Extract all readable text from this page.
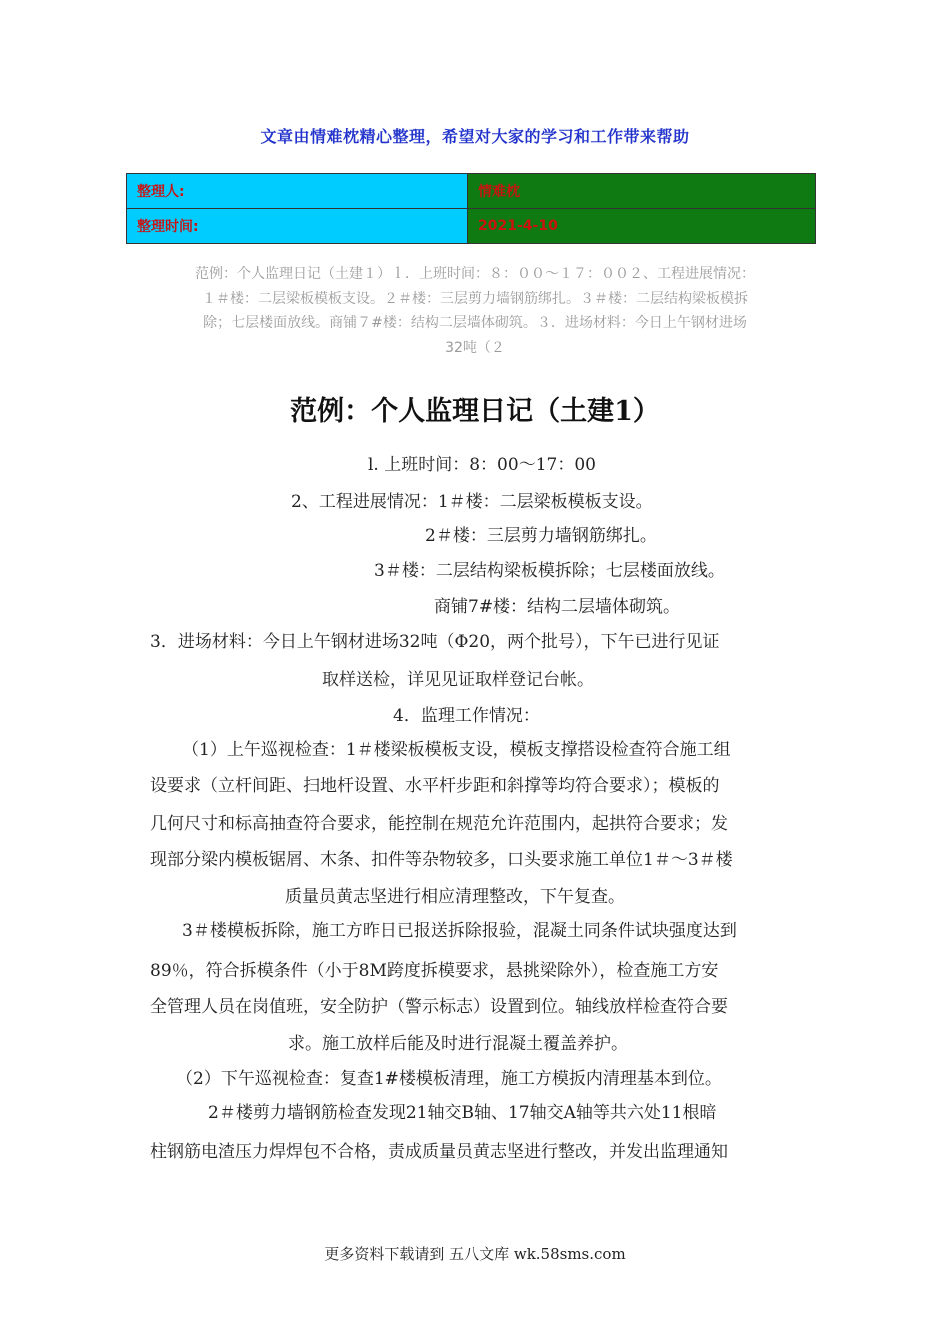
文章由情难枕精心整理，希望对大家的学习和工作带来帮助
整理人:	情难枕
整理时间:	2021-4-10
范例：个人监理日记（土建１）ｌ．上班时间：８：００～１７：００２、工程进展情况：
１＃楼：二层梁板模板支设。２＃楼：三层剪力墙钢筋绑扎。３＃楼：二层结构梁板模拆
除；七层楼面放线。商铺７#楼：结构二层墙体砌筑。３．进场材料：今日上午钢材进场
32吨（２
范例：个人监理日记（土建1）
l. 上班时间：8：00～17：00
2、工程进展情况：1＃楼：二层梁板模板支设。
2＃楼：三层剪力墙钢筋绑扎。
3＃楼：二层结构梁板模拆除；七层楼面放线。
商铺7#楼：结构二层墙体砌筑。
3．进场材料：今日上午钢材进场32吨（Φ20，两个批号），下午已进行见证
取样送检，详见见证取样登记台帐。
4．监理工作情况：
（1）上午巡视检查：1＃楼梁板模板支设，模板支撑搭设检查符合施工组
设要求（立杆间距、扫地杆设置、水平杆步距和斜撑等均符合要求）；模板的
几何尺寸和标高抽查符合要求，能控制在规范允许范围内，起拱符合要求；发
现部分梁内模板锯屑、木条、扣件等杂物较多，口头要求施工单位1＃～3＃楼
质量员黄志坚进行相应清理整改，下午复查。
3＃楼模板拆除，施工方昨日已报送拆除报验，混凝土同条件试块强度达到
89％，符合拆模条件（小于8M跨度拆模要求，悬挑梁除外），检查施工方安
全管理人员在岗值班，安全防护（警示标志）设置到位。轴线放样检查符合要
求。施工放样后能及时进行混凝土覆盖养护。
（2）下午巡视检查：复查1#楼模板清理，施工方模扳内清理基本到位。
2＃楼剪力墙钢筋检查发现21轴交B轴、17轴交A轴等共六处11根暗
柱钢筋电渣压力焊焊包不合格，责成质量员黄志坚进行整改，并发出监理通知
更多资料下载请到 五八文库 wk.58sms.com
